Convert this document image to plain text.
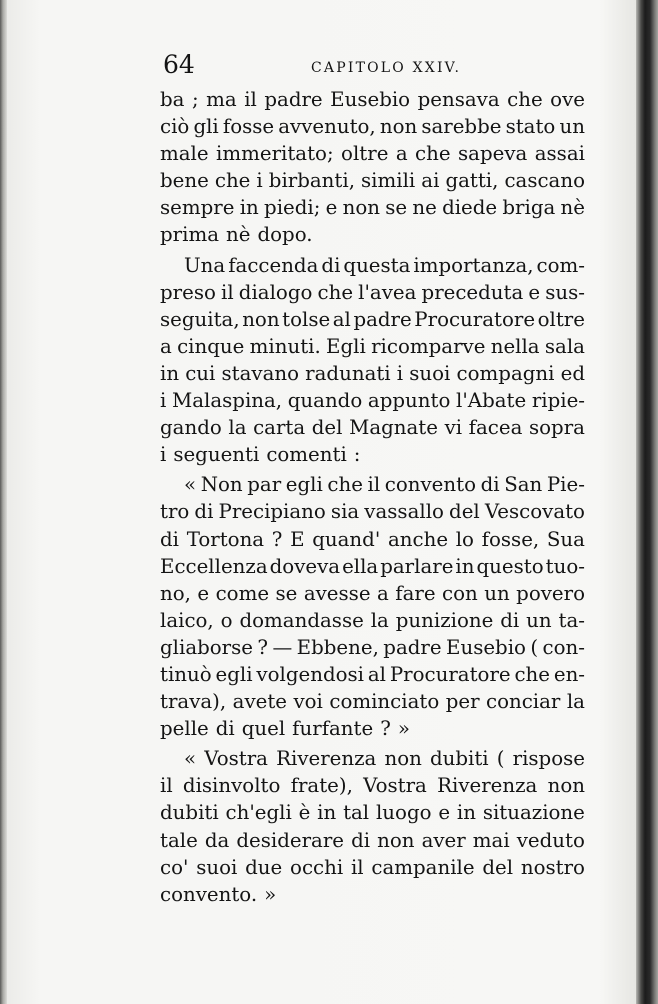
64	CAPITOLO XXIV.
ba ; ma il padre Eusebio pensava che ove
ciò gli fosse avvenuto, non sarebbe stato un
male immeritato; oltre a che sapeva assai
bene che i birbanti, simili ai gatti, cascano
sempre in piedi; e non se ne diede briga nè
prima nè dopo.
Una faccenda di questa importanza, com-
preso il dialogo che l'avea preceduta e sus-
seguita, non tolse al padre Procuratore oltre
a cinque minuti. Egli ricomparve nella sala
in cui stavano radunati i suoi compagni ed
i Malaspina, quando appunto l'Abate ripie-
gando la carta del Magnate vi facea sopra
i seguenti comenti :
« Non par egli che il convento di San Pie-
tro di Precipiano sia vassallo del Vescovato
di Tortona ? E quand' anche lo fosse, Sua
Eccellenza doveva ella parlare in questo tuo-
no, e come se avesse a fare con un povero
laico, o domandasse la punizione di un ta-
gliaborse ? — Ebbene, padre Eusebio ( con-
tinuò egli volgendosi al Procuratore che en-
trava), avete voi cominciato per conciar la
pelle di quel furfante ? »
« Vostra Riverenza non dubiti ( rispose
il disinvolto frate), Vostra Riverenza non
dubiti ch'egli è in tal luogo e in situazione
tale da desiderare di non aver mai veduto
co' suoi due occhi il campanile del nostro
convento. »
